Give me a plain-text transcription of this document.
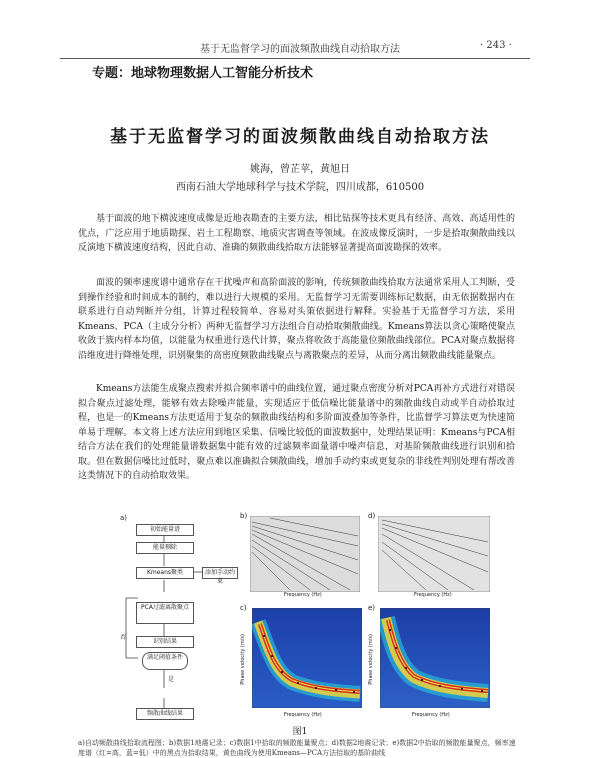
基于无监督学习的面波频散曲线自动拾取方法	· 243 ·
专题：地球物理数据人工智能分析技术
基于无监督学习的面波频散曲线自动拾取方法
姚海，曾芷苹，黄旭日
西南石油大学地球科学与技术学院，四川成都，610500
基于面波的地下横波速度成像是近地表勘查的主要方法，相比钻探等技术更具有经济、高效、高适用性的优点，广泛应用于地质勘探、岩土工程勘察、地质灾害调查等领域。在波成像反演时，一步是拾取频散曲线以反演地下横波速度结构，因此自动、准确的频散曲线拾取方法能够显著提高面波勘探的效率。
面波的频率速度谱中通常存在干扰噪声和高阶面波的影响，传统频散曲线拾取方法通常采用人工判断，受到操作经验和时间成本的制约，难以进行大规模的采用。无监督学习无需要训练标记数据，由无依据数据内在联系进行自动判断并分组，计算过程较简单、容易对头策依据进行解释。实验基于无监督学习方法，采用Kmeans、PCA（主成分分析）两种无监督学习方法组合自动拾取频散曲线。Kmeans算法以贪心策略使聚点收敛于簇内样本均值，以能量为权重进行迭代计算，聚点将收敛于高能量位频散曲线部位。PCA对聚点数据将沿维度进行降维处理，识别聚集的高密度频散曲线聚点与离散聚点的差异，从而分离出频散曲线能量聚点。
Kmeans方法能生成聚点搜索并拟合频率谱中的曲线位置，通过聚点密度分析对PCA再补方式进行对错误拟合聚点过滤处理，能够有效去除噪声能量，实现适应于低信噪比能量谱中的频散曲线自动或半自动拾取过程，也是一的Kmeans方法更适用于复杂的频散曲线结构和多阶面波叠加等条件，比监督学习算法更为快速简单易于理解。本文将上述方法应用到地区采集、信噪比较低的面波数据中，处理结果证明：Kmeans与PCA相结合方法在我们的处理能量谱数据集中能有效的过滤频率面量谱中噪声信息，对基阶频散曲线进行识别和拾取。但在数据信噪比过低时，聚点难以准确拟合频散曲线，增加手动约束或更复杂的非线性判别处理有帮改善这类情况下的自动拾取效果。
a)
初始能量谱
能量剔除
Kmeans聚类	添加手动约束
PCA过滤离散聚点
识别结果
满足阈值条件
是
否
频散曲线结果
b)
Frequency (Hz)
d)
Frequency (Hz)
c)
Phase velocity (m/s)
Frequency (Hz)
e)
Phase velocity (m/s)
Frequency (Hz)
f)
图1
a)自动频散曲线拾取流程图；b)数据1地震记录；c)数据1中拾取的频散能量聚点；d)数据2地震记录；e)数据2中拾取的频散能量聚点，频率速度谱（红=高，蓝=低）中的黑点为拾取结果，黄色曲线为使用Kmeans—PCA方法拾取的基阶曲线
